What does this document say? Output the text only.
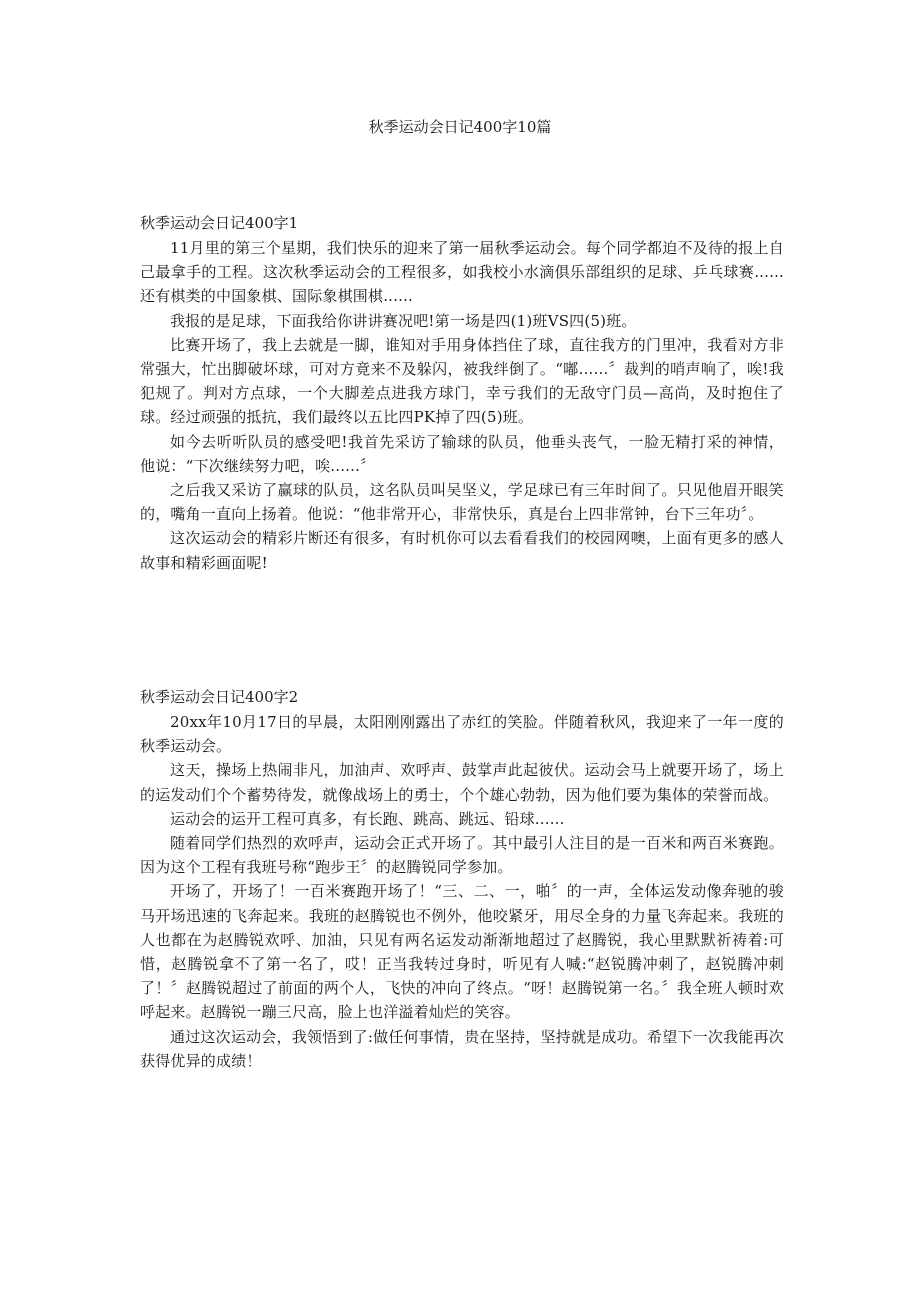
秋季运动会日记400字10篇
秋季运动会日记400字1

11月里的第三个星期，我们快乐的迎来了第一届秋季运动会。每个同学都迫不及待的报上自己最拿手的工程。这次秋季运动会的工程很多，如我校小水滴俱乐部组织的足球、乒乓球赛......还有棋类的中国象棋、国际象棋围棋......

我报的是足球，下面我给你讲讲赛况吧!第一场是四(1)班VS四(5)班。

比赛开场了，我上去就是一脚，谁知对手用身体挡住了球，直往我方的门里冲，我看对方非常强大，忙出脚破坏球，可对方竟来不及躲闪，被我绊倒了。“嘟......〞裁判的哨声响了，唉!我犯规了。判对方点球，一个大脚差点进我方球门，幸亏我们的无敌守门员—高尚，及时抱住了球。经过顽强的抵抗，我们最终以五比四PK掉了四(5)班。

如今去听听队员的感受吧!我首先采访了输球的队员，他垂头丧气，一脸无精打采的神情，他说：“下次继续努力吧，唉......〞

之后我又采访了赢球的队员，这名队员叫吴坚义，学足球已有三年时间了。只见他眉开眼笑的，嘴角一直向上扬着。他说：“他非常开心，非常快乐，真是台上四非常钟，台下三年功〞。

这次运动会的精彩片断还有很多，有时机你可以去看看我们的校园网噢，上面有更多的感人故事和精彩画面呢!

秋季运动会日记400字2

20xx年10月17日的早晨，太阳刚刚露出了赤红的笑脸。伴随着秋风，我迎来了一年一度的秋季运动会。

这天，操场上热闹非凡，加油声、欢呼声、鼓掌声此起彼伏。运动会马上就要开场了，场上的运发动们个个蓄势待发，就像战场上的勇士，个个雄心勃勃，因为他们要为集体的荣誉而战。

运动会的运开工程可真多，有长跑、跳高、跳远、铅球......

随着同学们热烈的欢呼声，运动会正式开场了。其中最引人注目的是一百米和两百米赛跑。因为这个工程有我班号称“跑步王〞的赵腾锐同学参加。

开场了，开场了！一百米赛跑开场了！“三、二、一，啪〞的一声，全体运发动像奔驰的骏马开场迅速的飞奔起来。我班的赵腾锐也不例外，他咬紧牙，用尽全身的力量飞奔起来。我班的人也都在为赵腾锐欢呼、加油，只见有两名运发动渐渐地超过了赵腾锐，我心里默默祈祷着:可惜，赵腾锐拿不了第一名了，哎！正当我转过身时，听见有人喊:“赵锐腾冲刺了，赵锐腾冲刺了！〞赵腾锐超过了前面的两个人，飞快的冲向了终点。“呀！赵腾锐第一名。〞我全班人顿时欢呼起来。赵腾锐一蹦三尺高，脸上也洋溢着灿烂的笑容。

通过这次运动会，我领悟到了:做任何事情，贵在坚持，坚持就是成功。希望下一次我能再次获得优异的成绩！
